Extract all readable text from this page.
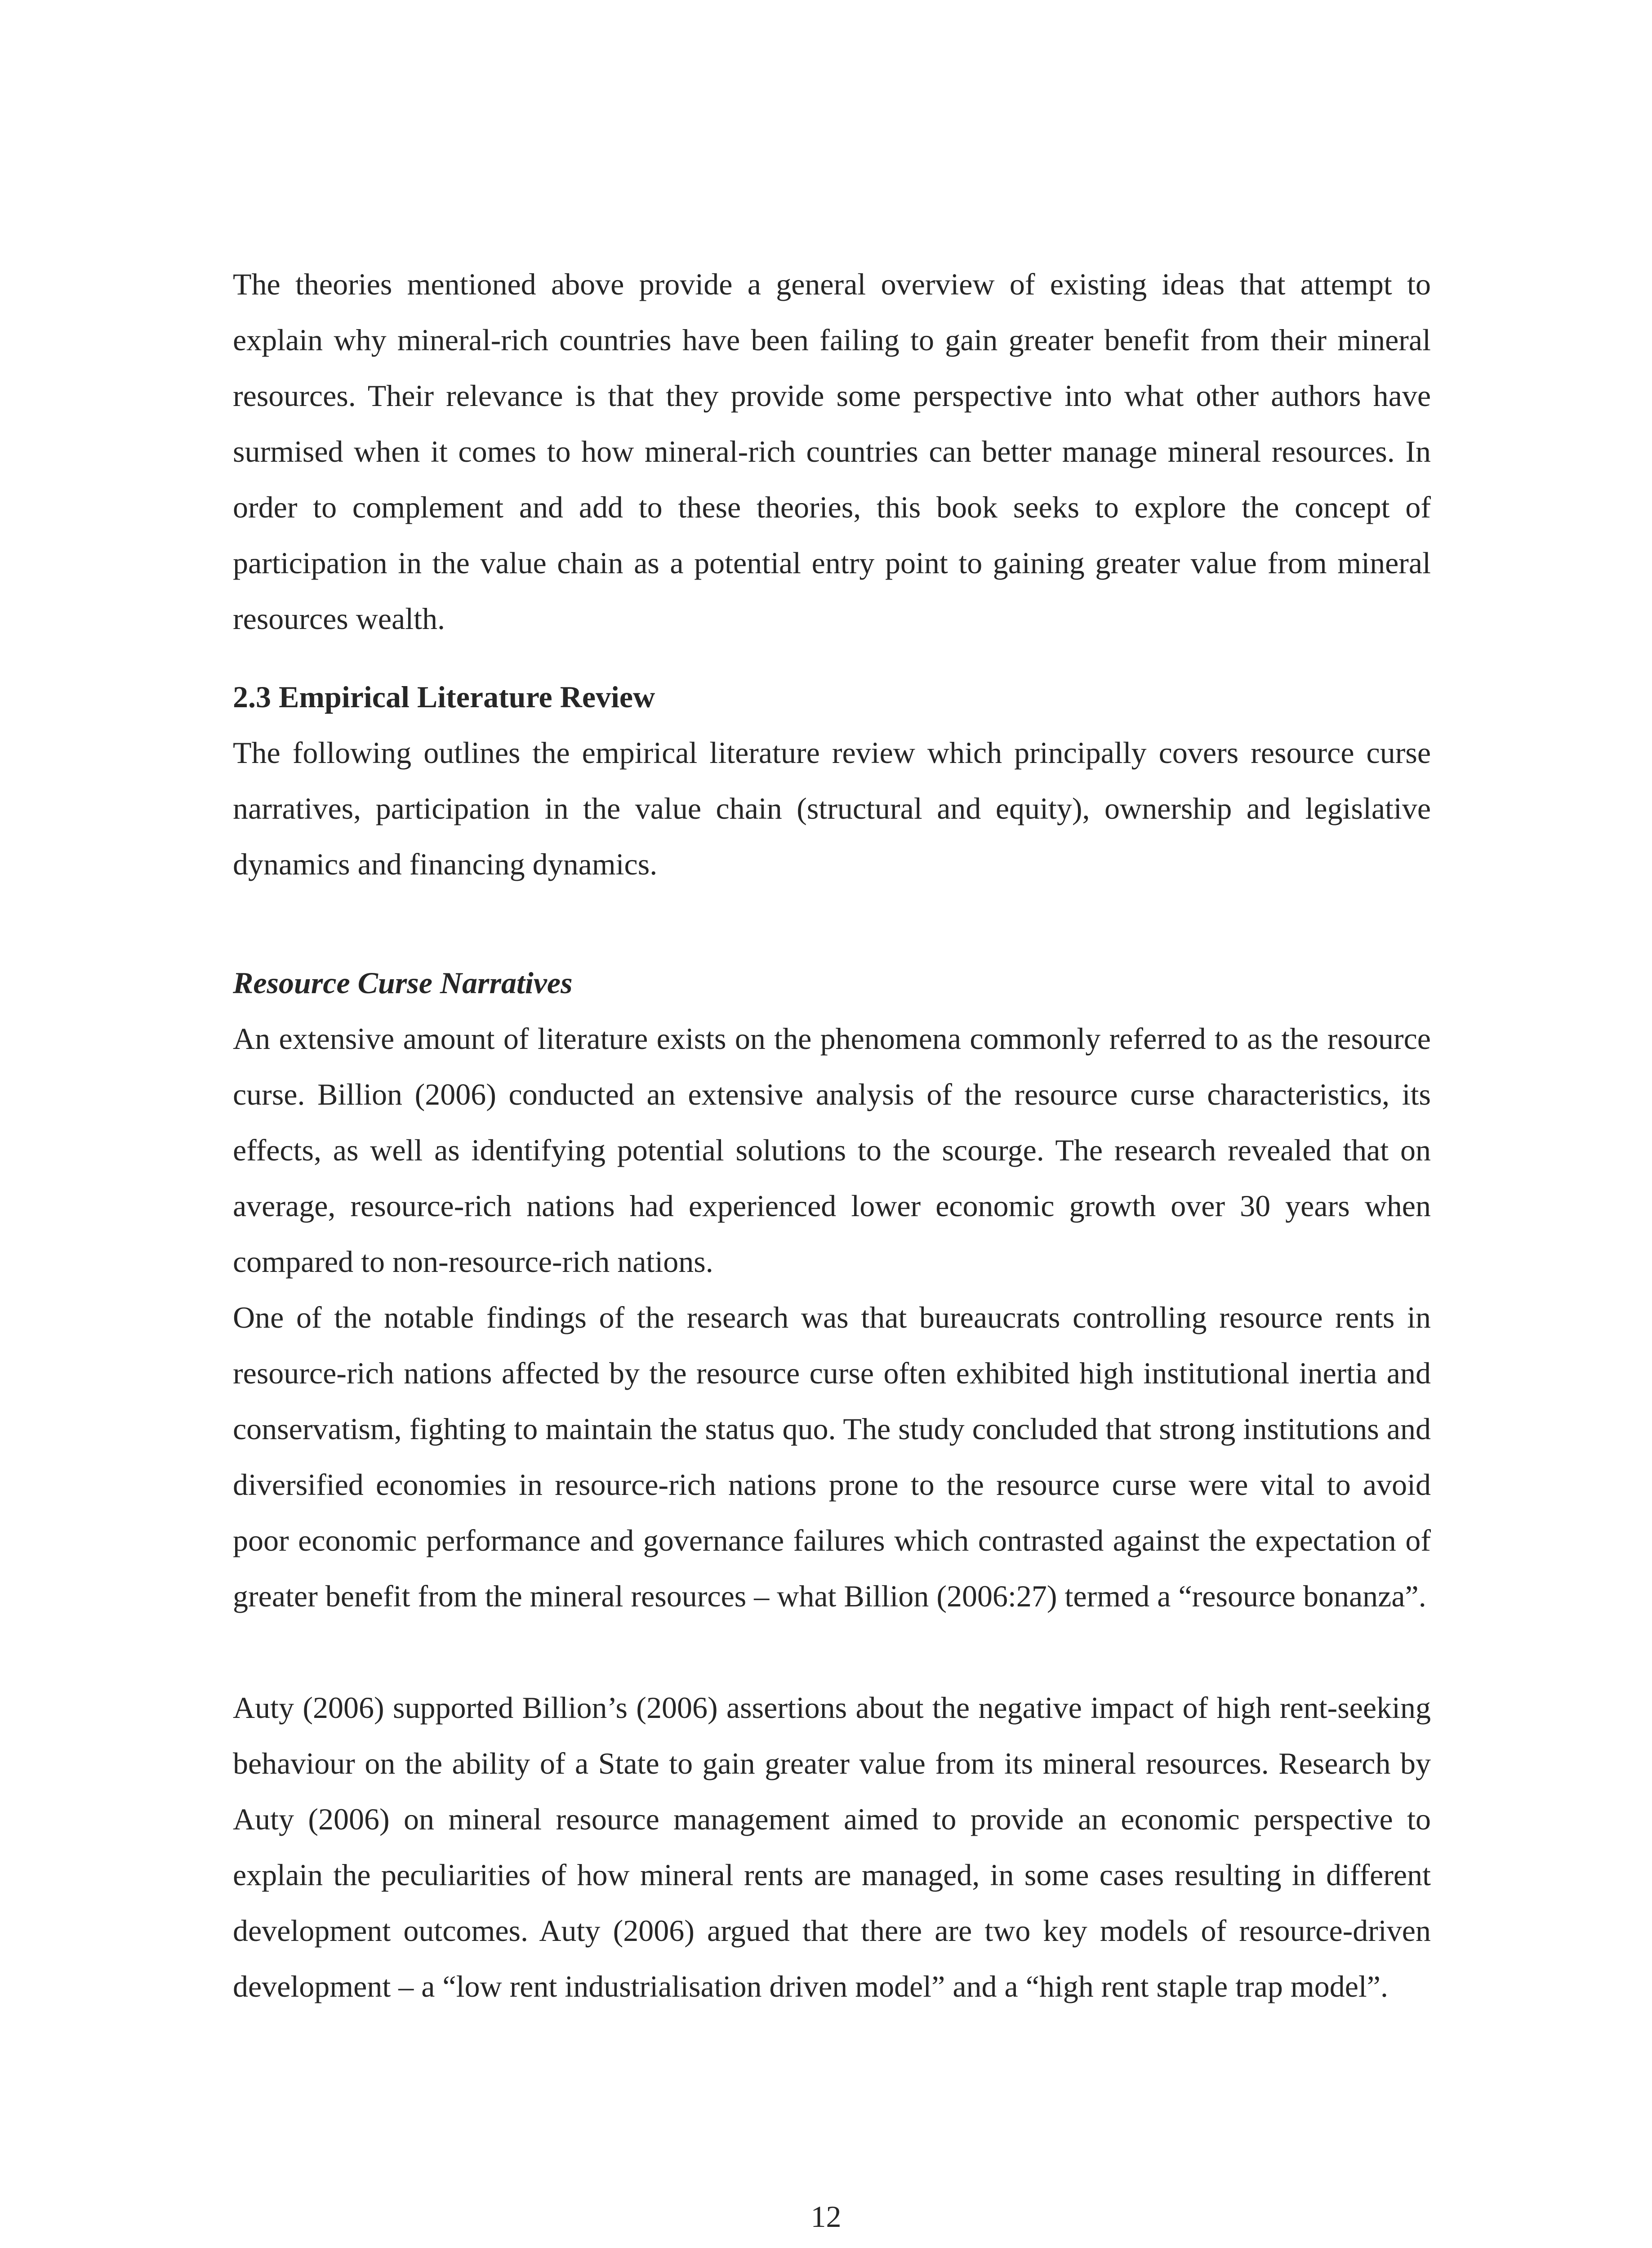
The theories mentioned above provide a general overview of existing ideas that attempt to explain why mineral-rich countries have been failing to gain greater benefit from their mineral resources. Their relevance is that they provide some perspective into what other authors have surmised when it comes to how mineral-rich countries can better manage mineral resources. In order to complement and add to these theories, this book seeks to explore the concept of participation in the value chain as a potential entry point to gaining greater value from mineral resources wealth.

2.3 Empirical Literature Review

The following outlines the empirical literature review which principally covers resource curse narratives, participation in the value chain (structural and equity), ownership and legislative dynamics and financing dynamics.

Resource Curse Narratives

An extensive amount of literature exists on the phenomena commonly referred to as the resource curse. Billion (2006) conducted an extensive analysis of the resource curse characteristics, its effects, as well as identifying potential solutions to the scourge. The research revealed that on average, resource-rich nations had experienced lower economic growth over 30 years when compared to non-resource-rich nations.

One of the notable findings of the research was that bureaucrats controlling resource rents in resource-rich nations affected by the resource curse often exhibited high institutional inertia and conservatism, fighting to maintain the status quo. The study concluded that strong institutions and diversified economies in resource-rich nations prone to the resource curse were vital to avoid poor economic performance and governance failures which contrasted against the expectation of greater benefit from the mineral resources – what Billion (2006:27) termed a “resource bonanza”.

Auty (2006) supported Billion’s (2006) assertions about the negative impact of high rent-seeking behaviour on the ability of a State to gain greater value from its mineral resources. Research by Auty (2006) on mineral resource management aimed to provide an economic perspective to explain the peculiarities of how mineral rents are managed, in some cases resulting in different development outcomes. Auty (2006) argued that there are two key models of resource-driven development – a “low rent industrialisation driven model” and a “high rent staple trap model”.

12
